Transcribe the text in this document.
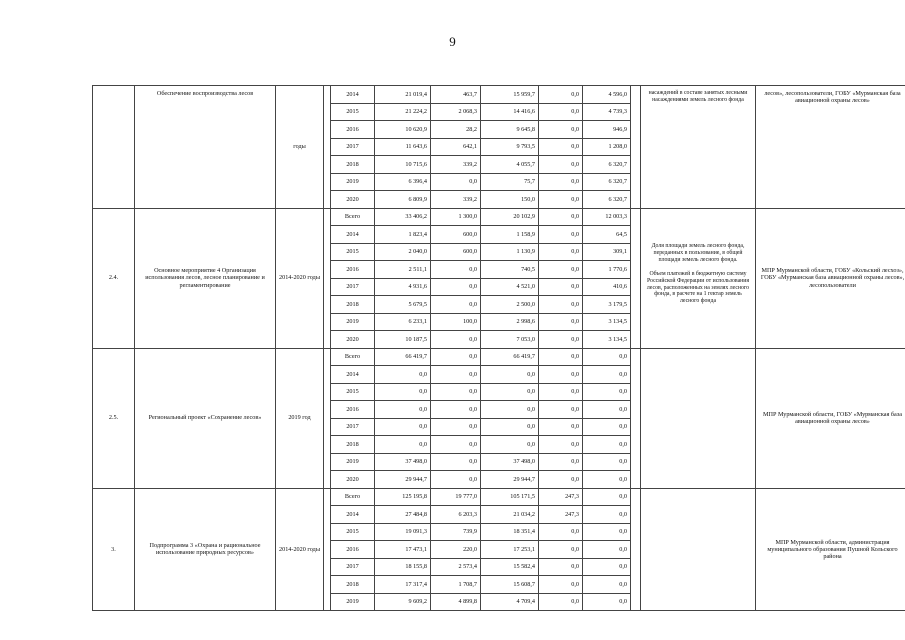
9
	Обеспечение воспроизводства лесов	годы		2014	21 019,4	463,7	15 959,7	0,0	4 596,0		насаждений в составе занятых лесными насаждениями земель лесного фонда	лесов», лесопользователи, ГОБУ «Мурманская база авиационной охраны лесов»
				2015	21 224,2	2 068,3	14 416,6	0,0	4 739,3			
				2016	10 620,9	28,2	9 645,8	0,0	946,9			
				2017	11 643,6	642,1	9 793,5	0,0	1 208,0			
				2018	10 715,6	339,2	4 055,7	0,0	6 320,7			
				2019	6 396,4	0,0	75,7	0,0	6 320,7			
				2020	6 809,9	339,2	150,0	0,0	6 320,7			
2.4.	Основное мероприятие 4 Организация использования лесов, лесное планирование и регламентирование	2014-2020 годы		Всего	33 406,2	1 300,0	20 102,9	0,0	12 003,3		Доля площади земель лесного фонда, переданных в пользование, в общей площади земель лесного фонда.
Объем платежей в бюджетную систему Российской Федерации от использования лесов, расположенных на землях лесного фонда, в расчете на 1 гектар земель лесного фонда	МПР Мурманской области, ГОБУ «Кольский лесхоз», ГОБУ «Мурманская база авиационной охраны лесов», лесопользователи
				2014	1 823,4	600,0	1 158,9	0,0	64,5			
				2015	2 040,0	600,0	1 130,9	0,0	309,1			
				2016	2 511,1	0,0	740,5	0,0	1 770,6			
				2017	4 931,6	0,0	4 521,0	0,0	410,6			
				2018	5 679,5	0,0	2 500,0	0,0	3 179,5			
				2019	6 233,1	100,0	2 998,6	0,0	3 134,5			
				2020	10 187,5	0,0	7 053,0	0,0	3 134,5			
2.5.	Региональный проект «Сохранение лесов»	2019 год		Всего	66 419,7	0,0	66 419,7	0,0	0,0			МПР Мурманской области, ГОБУ «Мурманская база авиационной охраны лесов»
				2014	0,0	0,0	0,0	0,0	0,0			
				2015	0,0	0,0	0,0	0,0	0,0			
				2016	0,0	0,0	0,0	0,0	0,0			
				2017	0,0	0,0	0,0	0,0	0,0			
				2018	0,0	0,0	0,0	0,0	0,0			
				2019	37 498,0	0,0	37 498,0	0,0	0,0			
				2020	29 944,7	0,0	29 944,7	0,0	0,0			
3.	Подпрограмма 3 «Охрана и рациональное использование природных ресурсов»	2014-2020 годы		Всего	125 195,8	19 777,0	105 171,5	247,3	0,0			МПР Мурманской области, администрация муниципального образования Пушной Кольского района
				2014	27 484,8	6 203,3	21 034,2	247,3	0,0			
				2015	19 091,3	739,9	18 351,4	0,0	0,0			
				2016	17 473,1	220,0	17 253,1	0,0	0,0			
				2017	18 155,8	2 573,4	15 582,4	0,0	0,0			
				2018	17 317,4	1 708,7	15 608,7	0,0	0,0			
				2019	9 609,2	4 899,8	4 709,4	0,0	0,0			
